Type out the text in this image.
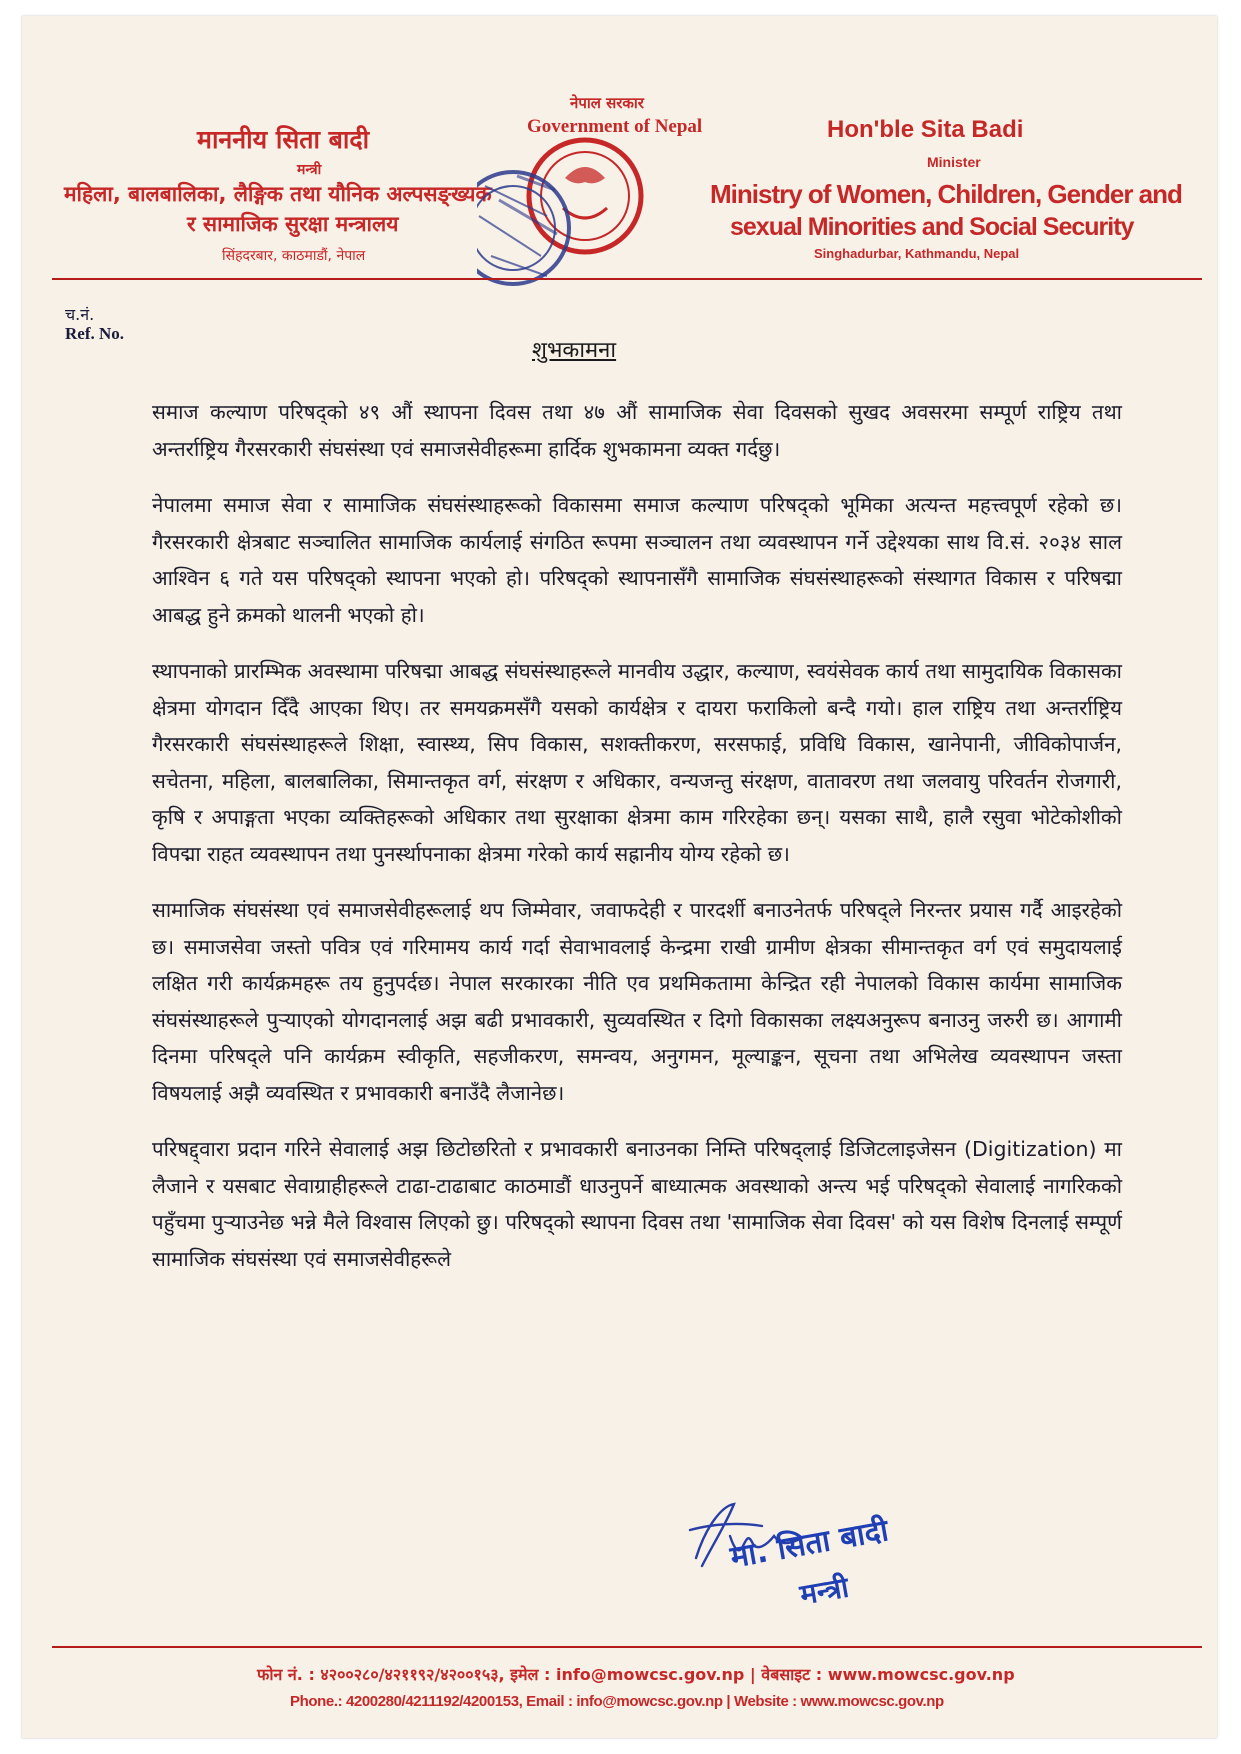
माननीय सिता बादी
मन्त्री
महिला, बालबालिका, लैङ्गिक तथा यौनिक अल्पसङ्ख्यक
र सामाजिक सुरक्षा मन्त्रालय
सिंहदरबार, काठमाडौं, नेपाल
नेपाल सरकार
Government of Nepal	Hon'ble Sita Badi
Minister
Ministry of Women, Children, Gender and
sexual Minorities and Social Security
Singhadurbar, Kathmandu, Nepal
च.नं.
Ref. No.
शुभकामना

समाज कल्याण परिषद्को ४९ औं स्थापना दिवस तथा ४७ औं सामाजिक सेवा दिवसको सुखद अवसरमा सम्पूर्ण राष्ट्रिय तथा अन्तर्राष्ट्रिय गैरसरकारी संघसंस्था एवं समाजसेवीहरूमा हार्दिक शुभकामना व्यक्त गर्दछु।

नेपालमा समाज सेवा र सामाजिक संघसंस्थाहरूको विकासमा समाज कल्याण परिषद्को भूमिका अत्यन्त महत्त्वपूर्ण रहेको छ। गैरसरकारी क्षेत्रबाट सञ्चालित सामाजिक कार्यलाई संगठित रूपमा सञ्चालन तथा व्यवस्थापन गर्ने उद्देश्यका साथ वि.सं. २०३४ साल आश्विन ६ गते यस परिषद्को स्थापना भएको हो। परिषद्को स्थापनासँगै सामाजिक संघसंस्थाहरूको संस्थागत विकास र परिषद्मा आबद्ध हुने क्रमको थालनी भएको हो।

स्थापनाको प्रारम्भिक अवस्थामा परिषद्मा आबद्ध संघसंस्थाहरूले मानवीय उद्धार, कल्याण, स्वयंसेवक कार्य तथा सामुदायिक विकासका क्षेत्रमा योगदान दिँदै आएका थिए। तर समयक्रमसँगै यसको कार्यक्षेत्र र दायरा फराकिलो बन्दै गयो। हाल राष्ट्रिय तथा अन्तर्राष्ट्रिय गैरसरकारी संघसंस्थाहरूले शिक्षा, स्वास्थ्य, सिप विकास, सशक्तीकरण, सरसफाई, प्रविधि विकास, खानेपानी, जीविकोपार्जन, सचेतना, महिला, बालबालिका, सिमान्तकृत वर्ग, संरक्षण र अधिकार, वन्यजन्तु संरक्षण, वातावरण तथा जलवायु परिवर्तन रोजगारी, कृषि र अपाङ्गता भएका व्यक्तिहरूको अधिकार तथा सुरक्षाका क्षेत्रमा काम गरिरहेका छन्। यसका साथै, हालै रसुवा भोटेकोशीको विपद्मा राहत व्यवस्थापन तथा पुनर्स्थापनाका क्षेत्रमा गरेको कार्य सह्रानीय योग्य रहेको छ।

सामाजिक संघसंस्था एवं समाजसेवीहरूलाई थप जिम्मेवार, जवाफदेही र पारदर्शी बनाउनेतर्फ परिषद्ले निरन्तर प्रयास गर्दै आइरहेको छ। समाजसेवा जस्तो पवित्र एवं गरिमामय कार्य गर्दा सेवाभावलाई केन्द्रमा राखी ग्रामीण क्षेत्रका सीमान्तकृत वर्ग एवं समुदायलाई लक्षित गरी कार्यक्रमहरू तय हुनुपर्दछ। नेपाल सरकारका नीति एव प्रथमिकतामा केन्द्रित रही नेपालको विकास कार्यमा सामाजिक संघसंस्थाहरूले पुऱ्याएको योगदानलाई अझ बढी प्रभावकारी, सुव्यवस्थित र दिगो विकासका लक्ष्यअनुरूप बनाउनु जरुरी छ। आगामी दिनमा परिषद्ले पनि कार्यक्रम स्वीकृति, सहजीकरण, समन्वय, अनुगमन, मूल्याङ्कन, सूचना तथा अभिलेख व्यवस्थापन जस्ता विषयलाई अझै व्यवस्थित र प्रभावकारी बनाउँदै लैजानेछ।

परिषद्द्वारा प्रदान गरिने सेवालाई अझ छिटोछरितो र प्रभावकारी बनाउनका निम्ति परिषद्लाई डिजिटलाइजेसन (Digitization) मा लैजाने र यसबाट सेवाग्राहीहरूले टाढा-टाढाबाट काठमाडौं धाउनुपर्ने बाध्यात्मक अवस्थाको अन्त्य भई परिषद्को सेवालाई नागरिकको पहुँचमा पुऱ्याउनेछ भन्ने मैले विश्वास लिएको छु। परिषद्को स्थापना दिवस तथा 'सामाजिक सेवा दिवस' को यस विशेष दिनलाई सम्पूर्ण सामाजिक संघसंस्था एवं समाजसेवीहरूले

मा. सिता बादी
मन्त्री
फोन नं. : ४२००२८०/४२११९२/४२००१५३, इमेल : info@mowcsc.gov.np | वेबसाइट : www.mowcsc.gov.np
Phone.: 4200280/4211192/4200153, Email : info@mowcsc.gov.np | Website : www.mowcsc.gov.np
